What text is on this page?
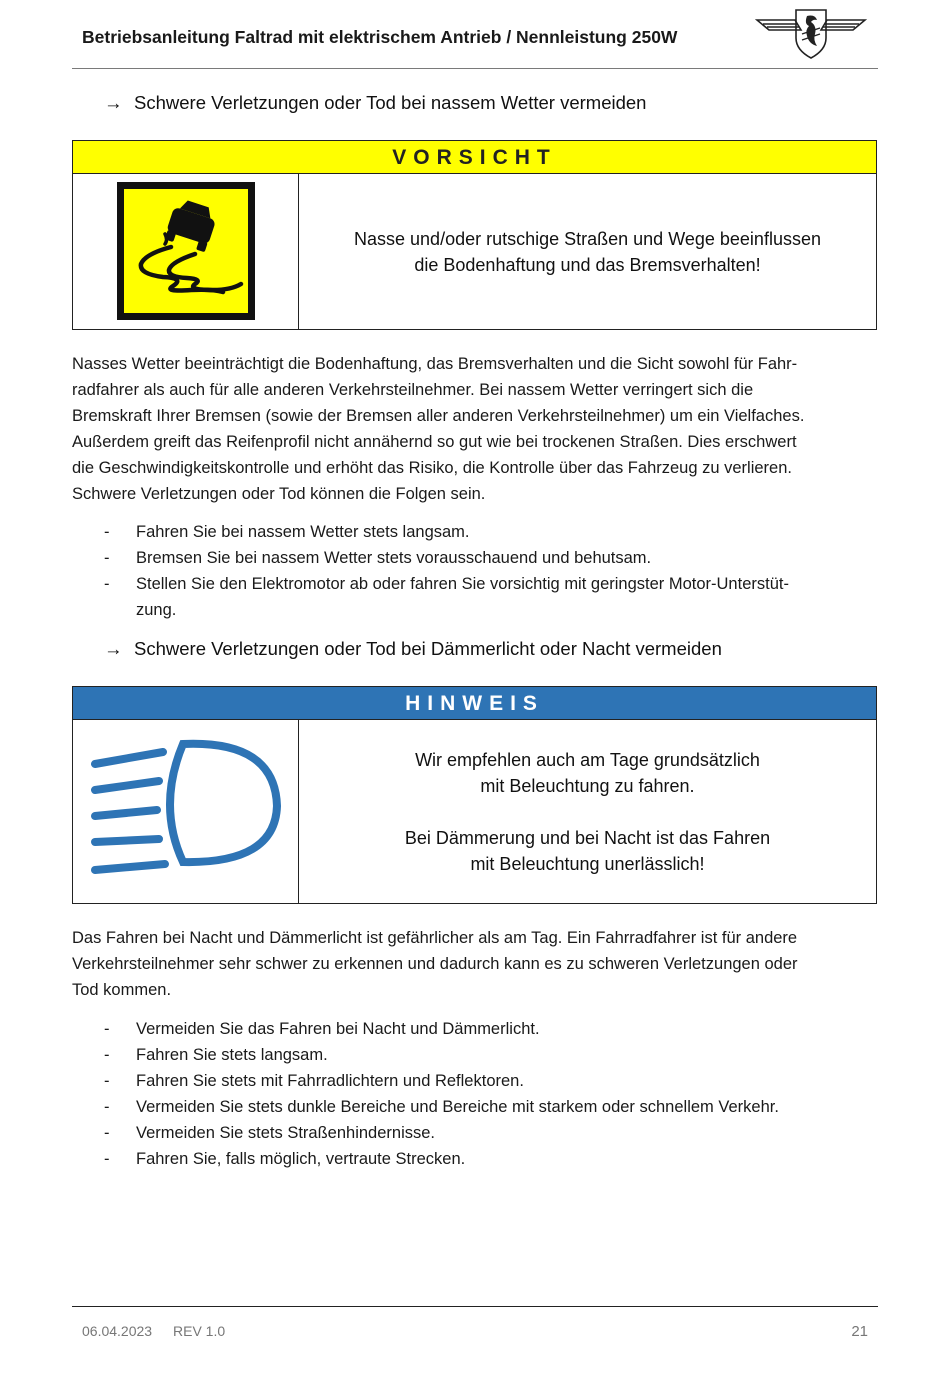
Betriebsanleitung Faltrad mit elektrischem Antrieb / Nennleistung 250W
→ Schwere Verletzungen oder Tod bei nassem Wetter vermeiden
VORSICHT
Nasse und/oder rutschige Straßen und Wege beeinflussen
die Bodenhaftung und das Bremsverhalten!

Nasses Wetter beeinträchtigt die Bodenhaftung, das Bremsverhalten und die Sicht sowohl für Fahr-

radfahrer als auch für alle anderen Verkehrsteilnehmer. Bei nassem Wetter verringert sich die

Bremskraft Ihrer Bremsen (sowie der Bremsen aller anderen Verkehrsteilnehmer) um ein Vielfaches.

Außerdem greift das Reifenprofil nicht annähernd so gut wie bei trockenen Straßen. Dies erschwert

die Geschwindigkeitskontrolle und erhöht das Risiko, die Kontrolle über das Fahrzeug zu verlieren.

Schwere Verletzungen oder Tod können die Folgen sein.

- Fahren Sie bei nassem Wetter stets langsam.
- Bremsen Sie bei nassem Wetter stets vorausschauend und behutsam.
- Stellen Sie den Elektromotor ab oder fahren Sie vorsichtig mit geringster Motor-Unterstüt-

zung.

→ Schwere Verletzungen oder Tod bei Dämmerlicht oder Nacht vermeiden
HINWEIS
Wir empfehlen auch am Tage grundsätzlich
mit Beleuchtung zu fahren.
Bei Dämmerung und bei Nacht ist das Fahren
mit Beleuchtung unerlässlich!

Das Fahren bei Nacht und Dämmerlicht ist gefährlicher als am Tag. Ein Fahrradfahrer ist für andere

Verkehrsteilnehmer sehr schwer zu erkennen und dadurch kann es zu schweren Verletzungen oder

Tod kommen.

- Vermeiden Sie das Fahren bei Nacht und Dämmerlicht.
- Fahren Sie stets langsam.
- Fahren Sie stets mit Fahrradlichtern und Reflektoren.
- Vermeiden Sie stets dunkle Bereiche und Bereiche mit starkem oder schnellem Verkehr.
- Vermeiden Sie stets Straßenhindernisse.
- Fahren Sie, falls möglich, vertraute Strecken.
06.04.2023 REV 1.0	21
